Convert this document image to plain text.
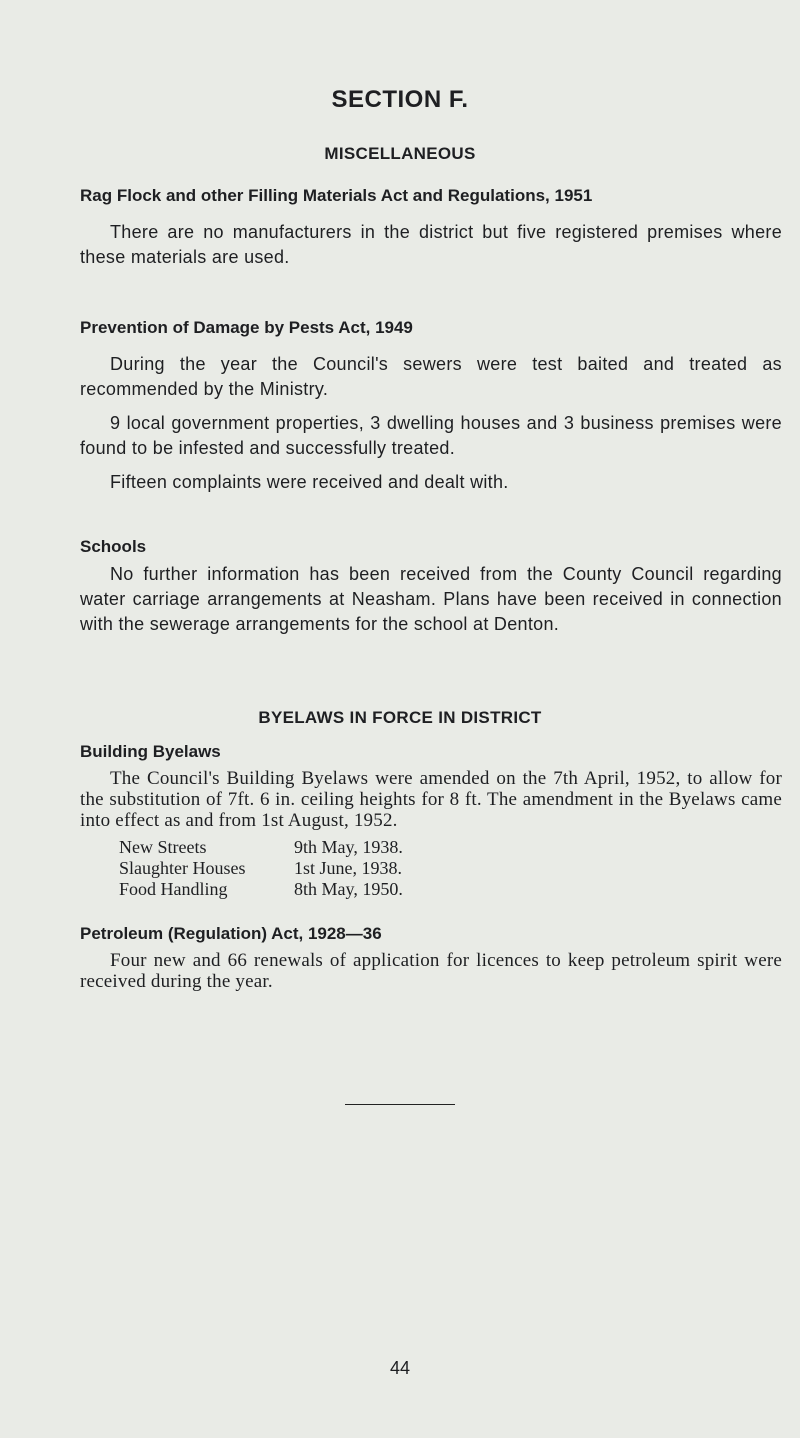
SECTION F.
MISCELLANEOUS
Rag Flock and other Filling Materials Act and Regulations, 1951

There are no manufacturers in the district but five registered premises where these materials are used.

Prevention of Damage by Pests Act, 1949

During the year the Council's sewers were test baited and treated as recommended by the Ministry.

9 local government properties, 3 dwelling houses and 3 business premises were found to be infested and successfully treated.

Fifteen complaints were received and dealt with.

Schools

No further information has been received from the County Council regarding water carriage arrangements at Neasham. Plans have been received in connection with the sewerage arrangements for the school at Denton.

BYELAWS IN FORCE IN DISTRICT
Building Byelaws

The Council's Building Byelaws were amended on the 7th April, 1952, to allow for the substitution of 7ft. 6 in. ceiling heights for 8 ft. The amendment in the Byelaws came into effect as and from 1st August, 1952.

New Streets	9th May, 1938.
Slaughter Houses	1st June, 1938.
Food Handling	8th May, 1950.
Petroleum (Regulation) Act, 1928—36

Four new and 66 renewals of application for licences to keep petroleum spirit were received during the year.

44
